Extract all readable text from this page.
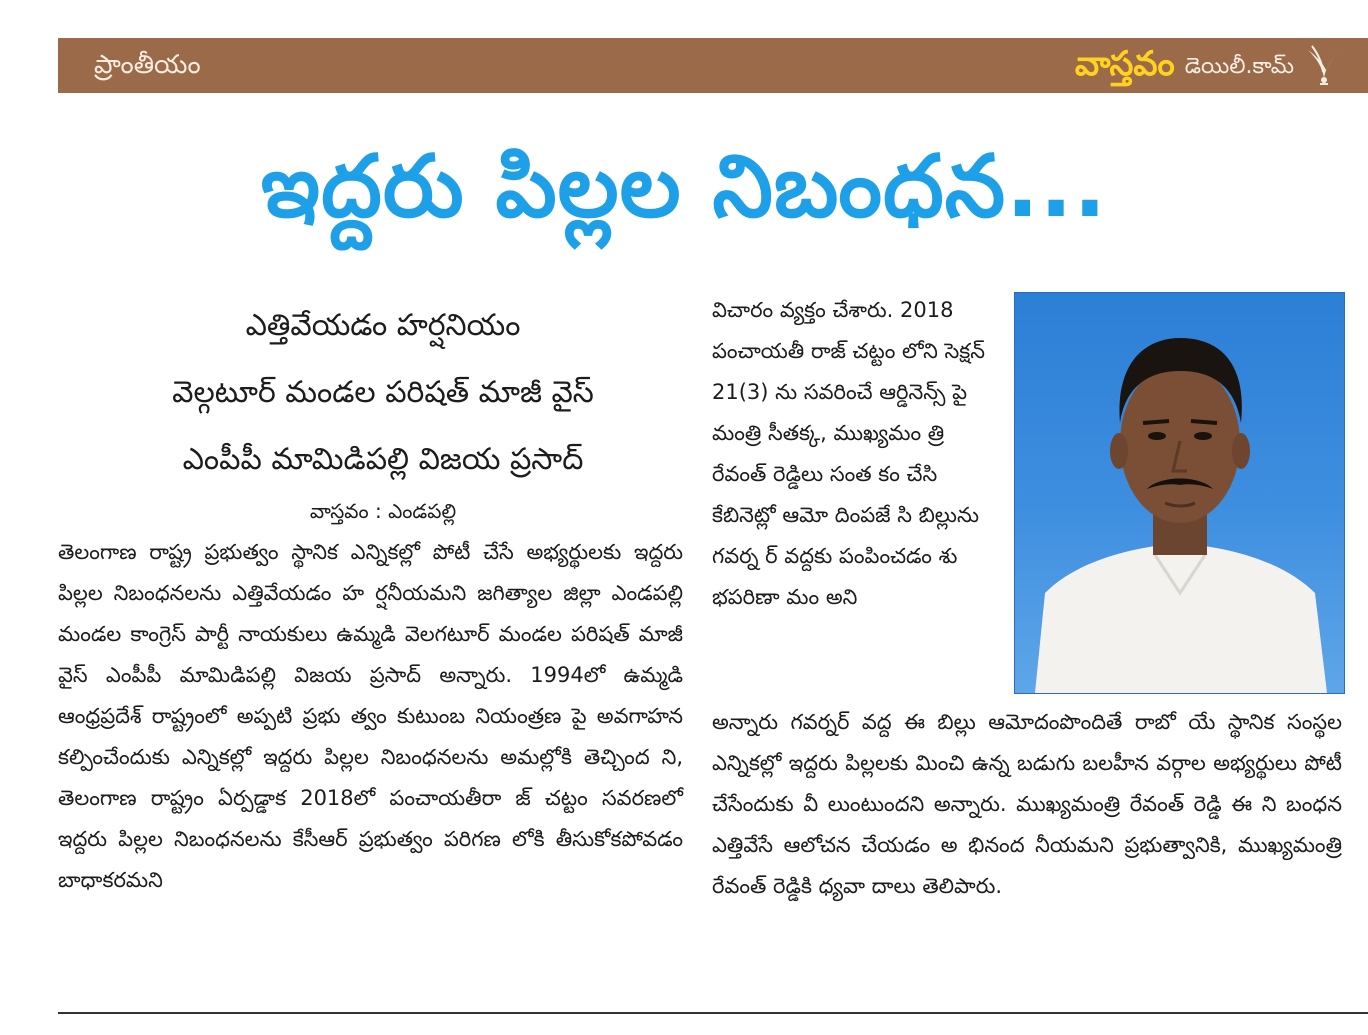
ప్రాంతీయం	వాస్తవం డెయిలీ.కామ్
ఇద్దరు పిల్లల నిబంధన...
ఎత్తివేయడం హర్షనియం
వెల్గటూర్ మండల పరిషత్ మాజీ వైస్
ఎంపీపీ మామిడిపల్లి విజయ ప్రసాద్
వాస్తవం : ఎండపల్లి
తెలంగాణ రాష్ట్ర ప్రభుత్వం స్థానిక ఎన్నికల్లో పోటీ చేసే అభ్యర్థులకు ఇద్దరు పిల్లల నిబంధనలను ఎత్తివేయడం హ ర్షనీయమని జగిత్యాల జిల్లా ఎండపల్లి మండల కాంగ్రెస్ పార్టీ నాయకులు ఉమ్మడి వెలగటూర్ మండల పరిషత్ మాజీ వైస్ ఎంపీపీ మామిడిపల్లి విజయ ప్రసాద్ అన్నారు. 1994లో ఉమ్మడి ఆంధ్రప్రదేశ్ రాష్ట్రంలో అప్పటి ప్రభు త్వం కుటుంబ నియంత్రణ పై అవగాహన కల్పించేందుకు ఎన్నికల్లో ఇద్దరు పిల్లల నిబంధనలను అమల్లోకి తెచ్చింద ని, తెలంగాణ రాష్ట్రం ఏర్పడ్డాక 2018లో పంచాయతీరా జ్ చట్టం సవరణలో ఇద్దరు పిల్లల నిబంధనలను కేసీఆర్ ప్రభుత్వం పరిగణ లోకి తీసుకోకపోవడం బాధాకరమని
విచారం వ్యక్తం చేశారు. 2018 పంచాయతీ రాజ్ చట్టం లోని సెక్షన్ 21(3) ను సవరించే ఆర్డినెన్స్ పై మంత్రి సీతక్క, ముఖ్యమం త్రి రేవంత్ రెడ్డిలు సంత కం చేసి కేబినెట్లో ఆమో దింపజే సి బిల్లును గవర్న ర్ వద్దకు పంపించడం శు భపరిణా మం అని
అన్నారు గవర్నర్ వద్ద ఈ బిల్లు ఆమోదంపొందితే రాబో యే స్థానిక సంస్థల ఎన్నికల్లో ఇద్దరు పిల్లలకు మించి ఉన్న బడుగు బలహీన వర్గాల అభ్యర్థులు పోటీ చేసేందుకు వీ లుంటుందని అన్నారు. ముఖ్యమంత్రి రేవంత్ రెడ్డి ఈ ని బంధన ఎత్తివేసే ఆలోచన చేయడం అ భినంద నీయమని ప్రభుత్వానికి, ముఖ్యమంత్రి రేవంత్ రెడ్డికి ధ్యవా దాలు తెలిపారు.
